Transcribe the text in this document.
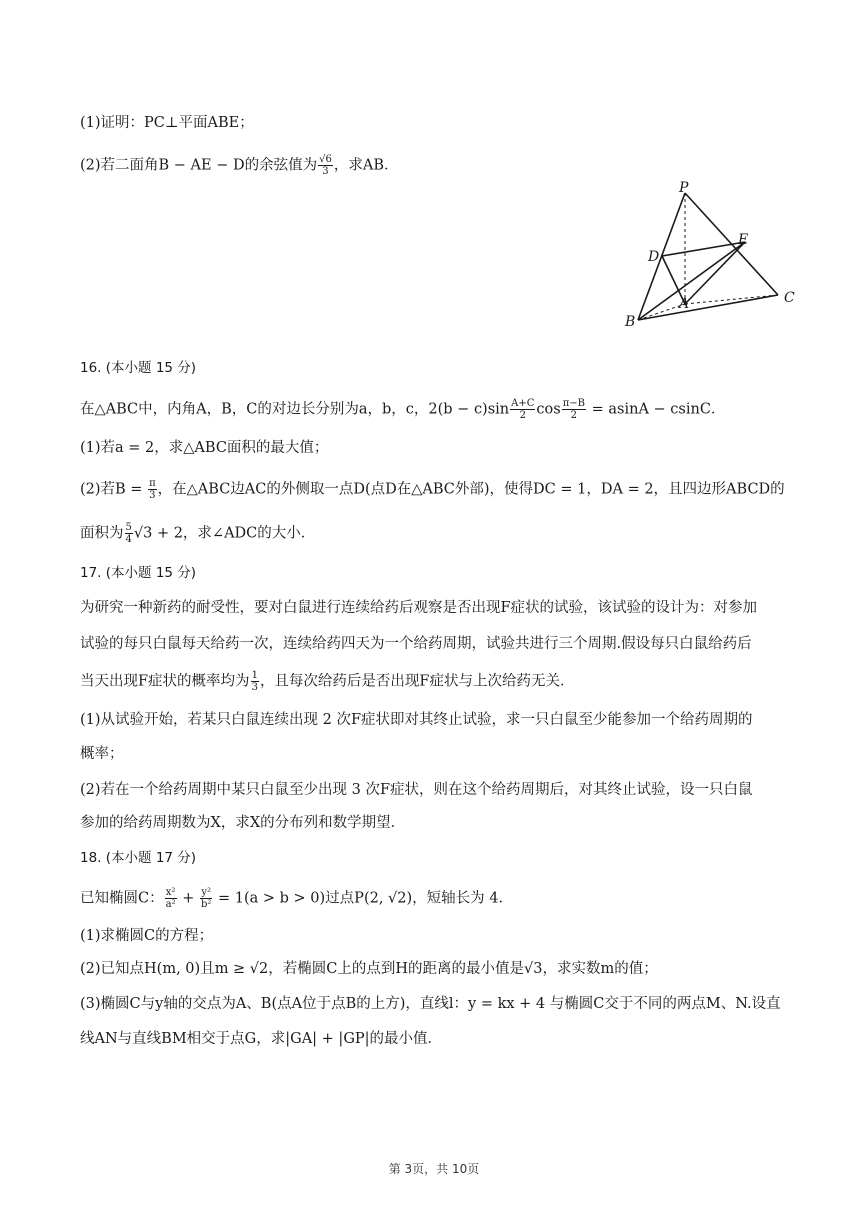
(1)证明：PC⊥平面ABE；
(2)若二面角B − AE − D的余弦值为 $\frac{√6}{3}$ ，求AB．
P
D
E
C
A
B
16. (本小题 15 分)
在△ABC中，内角A，B，C的对边长分别为a，b，c，$2(b - c)\sin \frac{A+C}{2}$ $\cos \frac{\pi-B}{2} = asinA - csinC$．
(1)若a = 2，求△ABC面积的最大值；
(2)若$B = \frac{\pi}{3}$ ，在△ABC边AC的外侧取一点D(点D在△ABC外部)，使得DC = 1，DA = 2，且四边形ABCD的
面积为 $\frac{5}{4} √3 + 2$，求∠ADC的大小．
17. (本小题 15 分)
为研究一种新药的耐受性，要对白鼠进行连续给药后观察是否出现F症状的试验，该试验的设计为：对参加
试验的每只白鼠每天给药一次，连续给药四天为一个给药周期，试验共进行三个周期.假设每只白鼠给药后
当天出现F症状的概率均为 $\frac{1}{3}$ ，且每次给药后是否出现F症状与上次给药无关．
(1)从试验开始，若某只白鼠连续出现 2 次F症状即对其终止试验，求一只白鼠至少能参加一个给药周期的
概率；
(2)若在一个给药周期中某只白鼠至少出现 3 次F症状，则在这个给药周期后，对其终止试验，设一只白鼠
参加的给药周期数为X，求X的分布列和数学期望．
18. (本小题 17 分)
已知椭圆C： $\frac{\text{x²}}{\text{a²}} + \frac{\text{y²}}{\text{b²}} = 1(a > b > 0)$过点P(2, √2)，短轴长为 4．
(1)求椭圆C的方程；
(2)已知点H(m, 0)且m ≥ √2，若椭圆C上的点到H的距离的最小值是√3，求实数m的值；
(3)椭圆C与y轴的交点为A、B(点A位于点B的上方)，直线l：y = kx + 4 与椭圆C交于不同的两点M、N.设直
线AN与直线BM相交于点G，求|GA| + |GP|的最小值．
第 3页，共 10页
